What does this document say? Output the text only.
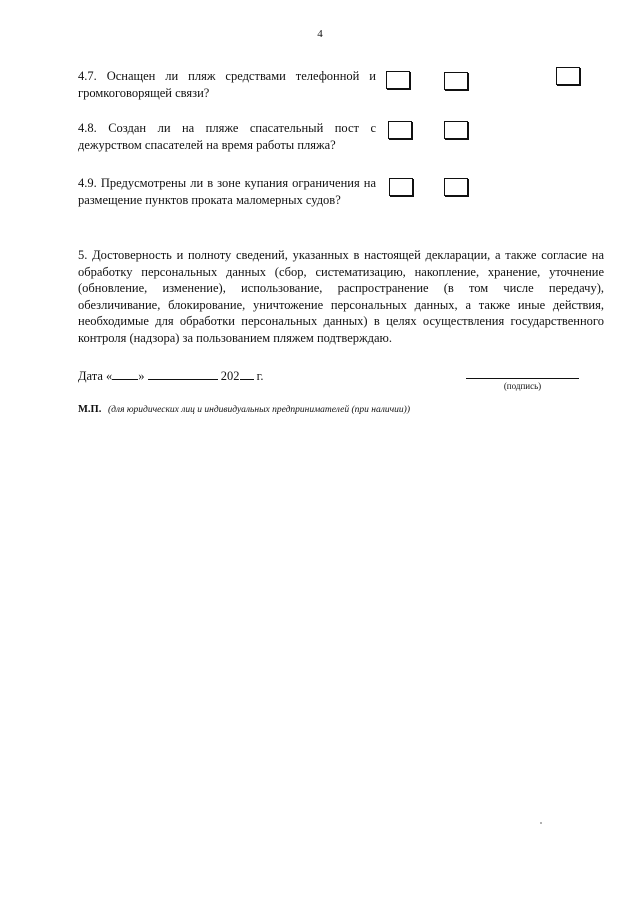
4
4.7. Оснащен ли пляж средствами телефонной и громкоговорящей связи?
4.8. Создан ли на пляже спасательный пост с дежурством спасателей на время работы пляжа?
4.9. Предусмотрены ли в зоне купания ограничения на размещение пунктов проката маломерных судов?
5. Достоверность и полноту сведений, указанных в настоящей декларации, а также согласие на обработку персональных данных (сбор, систематизацию, накопление, хранение, уточнение (обновление, изменение), использование, распространение (в том числе передачу), обезличивание, блокирование, уничтожение персональных данных, а также иные действия, необходимые для обработки персональных данных) в целях осуществления государственного контроля (надзора) за пользованием пляжем подтверждаю.
Дата « »	202 г.
(подпись)
М.П. (для юридических лиц и индивидуальных предпринимателей (при наличии))
